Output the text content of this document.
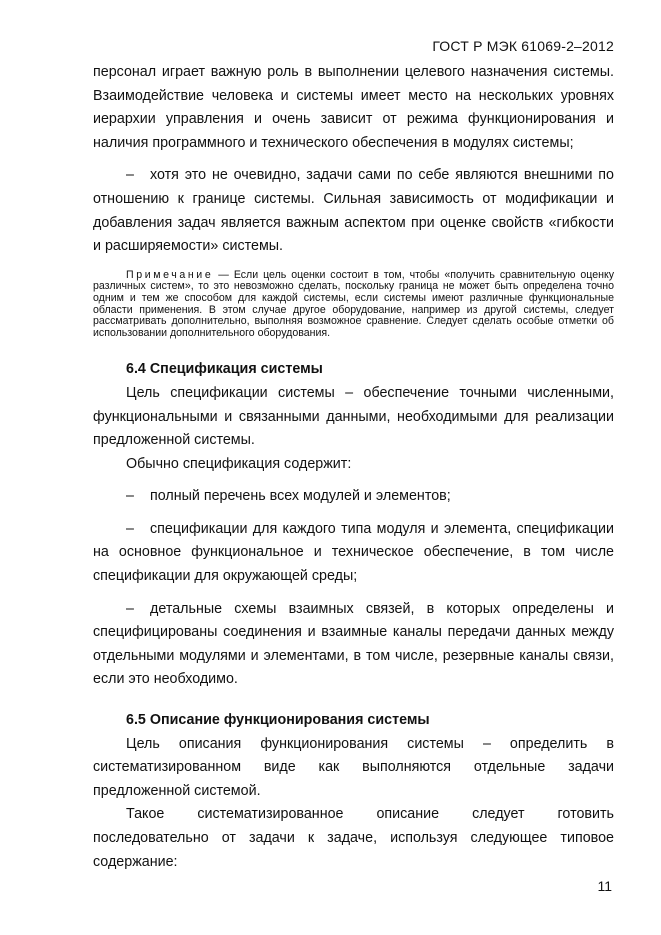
ГОСТ Р МЭК 61069-2–2012

персонал играет важную роль в выполнении целевого назначения системы. Взаимодействие человека и системы имеет место на нескольких уровнях иерархии управления и очень зависит от режима функционирования и наличия программного и технического обеспечения в модулях системы;

– хотя это не очевидно, задачи сами по себе являются внешними по отношению к границе системы. Сильная зависимость от модификации и добавления задач является важным аспектом при оценке свойств «гибкости и расширяемости» системы.

Примечание — Если цель оценки состоит в том, чтобы «получить сравнительную оценку различных систем», то это невозможно сделать, поскольку граница не может быть определена точно одним и тем же способом для каждой системы, если системы имеют различные функциональные области применения. В этом случае другое оборудование, например из другой системы, следует рассматривать дополнительно, выполняя возможное сравнение. Следует сделать особые отметки об использовании дополнительного оборудования.

6.4 Спецификация системы

Цель спецификации системы – обеспечение точными численными, функциональными и связанными данными, необходимыми для реализации предложенной системы.

Обычно спецификация содержит:

– полный перечень всех модулей и элементов;

– спецификации для каждого типа модуля и элемента, спецификации на основное функциональное и техническое обеспечение, в том числе спецификации для окружающей среды;

– детальные схемы взаимных связей, в которых определены и специфицированы соединения и взаимные каналы передачи данных между отдельными модулями и элементами, в том числе, резервные каналы связи, если это необходимо.

6.5 Описание функционирования системы

Цель описания функционирования системы – определить в систематизированном виде как выполняются отдельные задачи предложенной системой.

Такое систематизированное описание следует готовить последовательно от задачи к задаче, используя следующее типовое содержание:

11
